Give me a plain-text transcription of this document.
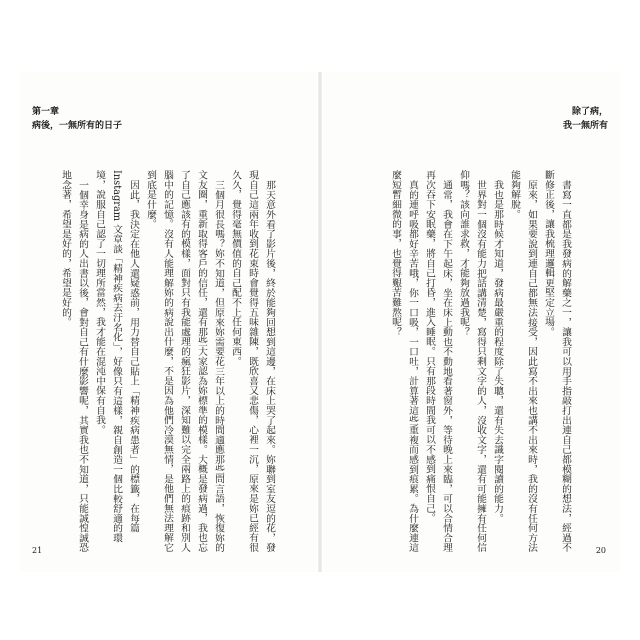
第一章
病後，一無所有的日子

那天意外看了影片後，終於能夠回想到這邊，在床上哭了起來。妳聯到室友逗的花，發現自己這兩年收到花束時會覺得五味雜陳，既欣喜又悲傷，心裡一沉，原來是妳已經有很久久，覺得毫無價值的自己配不上任何東西。

三個月很長嗎？妳不知道，但原來妳需要花三年以上的時間適應那些問言語，恢復妳的文友圈，重新取得客戶的信任，還有那些大家認為妳標準的模樣。大概是發病過，我也忘了自己應該有的模樣，面對只有我能處理的瘋狂影片，深知難以完全兩路上的痕跡和別人腦中的記憶。沒有人能理解妳的病說出什麼，不是因為他們冷漠無情，是他們無法理解它到底是什麼。

因此，我決定在他人還疑惑前，用力替自己貼上「精神疾病患者」的標籤，在每篇 Instagram 文章談「精神疾病去汙名化」，好像只有這樣，親自創造一個比較舒適的環境，說服自己認了一切理所當然，我才能在混沌中保有自我。

一個幸身是病的人出書以後，會對自己有什麼影響呢，其實我也不知道，只能誠惶誠恐地念著，希望是好的，希望是好的。

21
除了病，
我一無所有

書寫一直都是我發病的解藥之一，讓我可以用手指敲打出連自己都模糊的想法，經過不斷修正後，讓我梳理邏輯更堅定立場。

原來，如果要說到連自己都無法接受，因此寫不出來也講不出來時，我的沒有任何方法能夠解脫。

我也是那時候才知道，發病最嚴重的程度除了失聰，還有失去識字閱讀的能力。

世界對一個沒有能力把話講清楚，寫得只剩文字的人，沒收文字，還有可能擁有任何信仰嗎？該向誰求救，才能夠放過我呢？

通常，我會在下午起床，坐在床上動也不動地看著窗外，等待晚上來臨，可以合情合理再次吞下安眠藥，將自己打昏，進入睡眠。只有那段時間我可以不感到痛恨自己。

真的連呼吸都好辛苦哦，你一口吸，一口吐，計算著這些重複而感到痕累。為什麼連這麼短暫細微的事，也覺得艱苦難熬呢？

20
